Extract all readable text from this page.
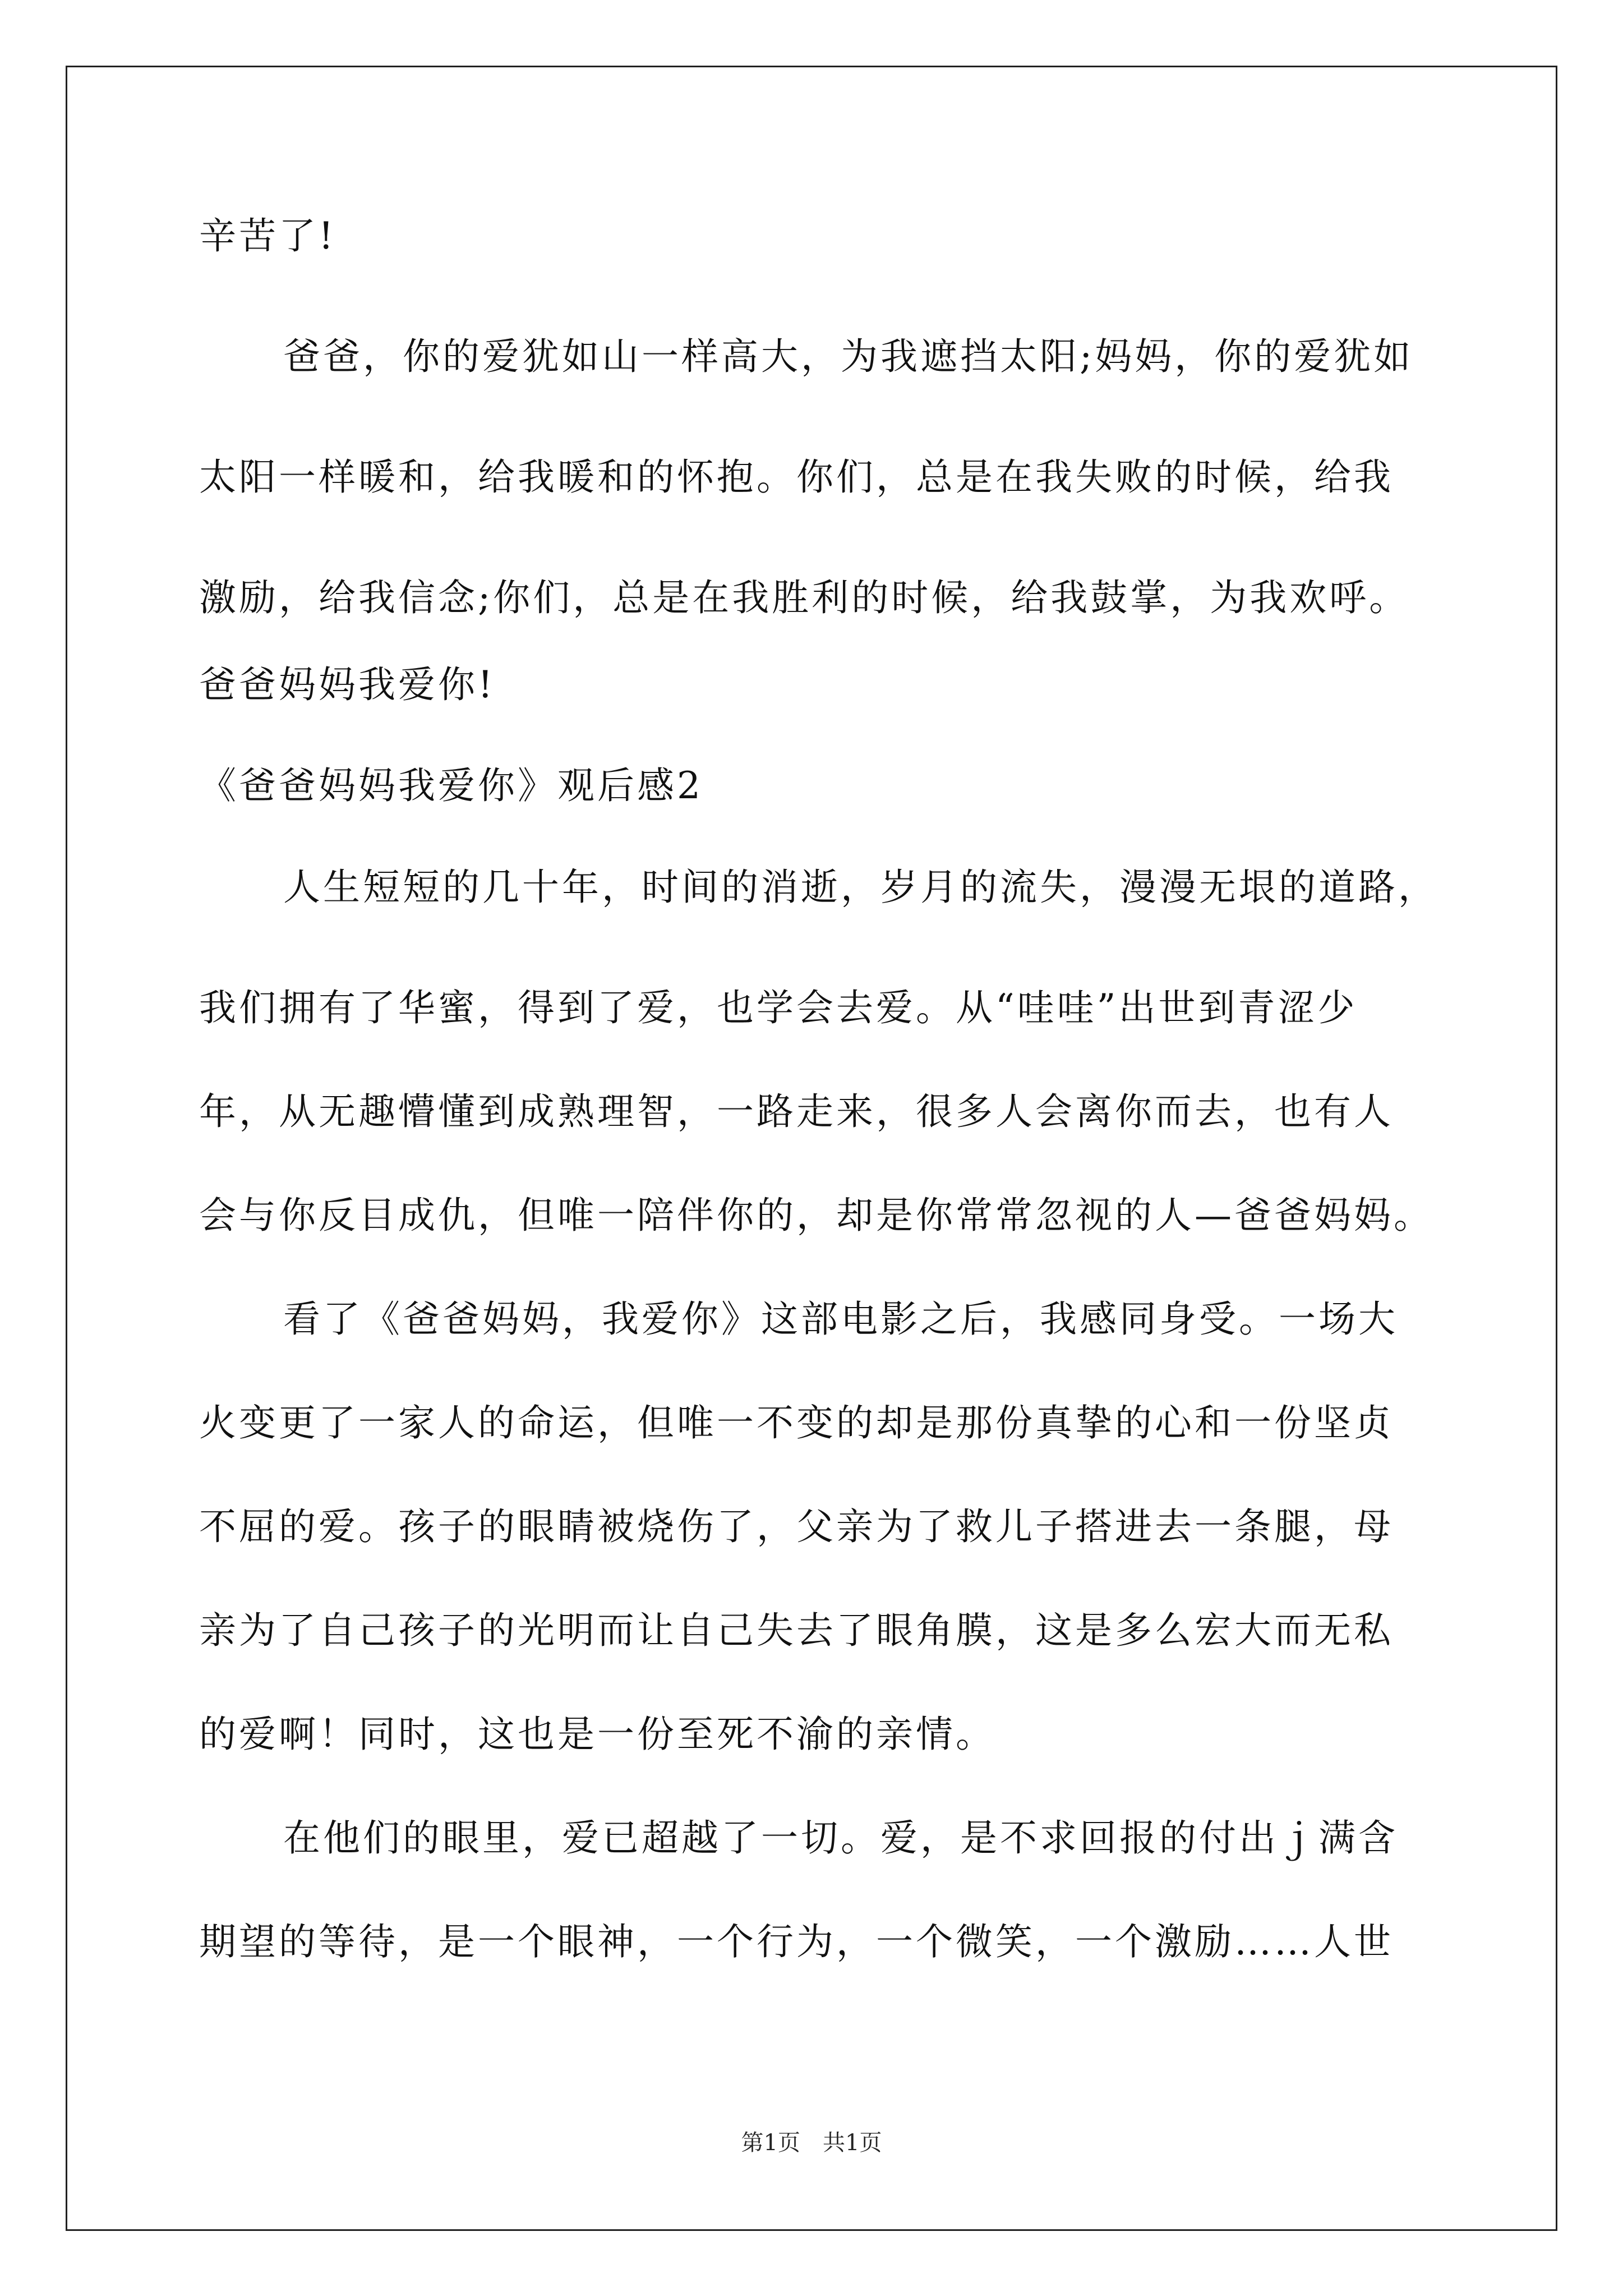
辛苦了!

爸爸，你的爱犹如山一样高大，为我遮挡太阳;妈妈，你的爱犹如

太阳一样暖和，给我暖和的怀抱。你们，总是在我失败的时候，给我

激励，给我信念;你们，总是在我胜利的时候，给我鼓掌，为我欢呼。

爸爸妈妈我爱你!

《爸爸妈妈我爱你》观后感2

人生短短的几十年，时间的消逝，岁月的流失，漫漫无垠的道路，

我们拥有了华蜜，得到了爱，也学会去爱。从“哇哇”出世到青涩少

年，从无趣懵懂到成熟理智，一路走来，很多人会离你而去，也有人

会与你反目成仇，但唯一陪伴你的，却是你常常忽视的人—爸爸妈妈。

看了《爸爸妈妈，我爱你》这部电影之后，我感同身受。一场大

火变更了一家人的命运，但唯一不变的却是那份真挚的心和一份坚贞

不屈的爱。孩子的眼睛被烧伤了，父亲为了救儿子搭进去一条腿，母

亲为了自己孩子的光明而让自己失去了眼角膜，这是多么宏大而无私

的爱啊！同时，这也是一份至死不渝的亲情。

在他们的眼里，爱已超越了一切。爱，是不求回报的付出ｊ满含

期望的等待，是一个眼神，一个行为，一个微笑，一个激励……人世

第1页　共1页
